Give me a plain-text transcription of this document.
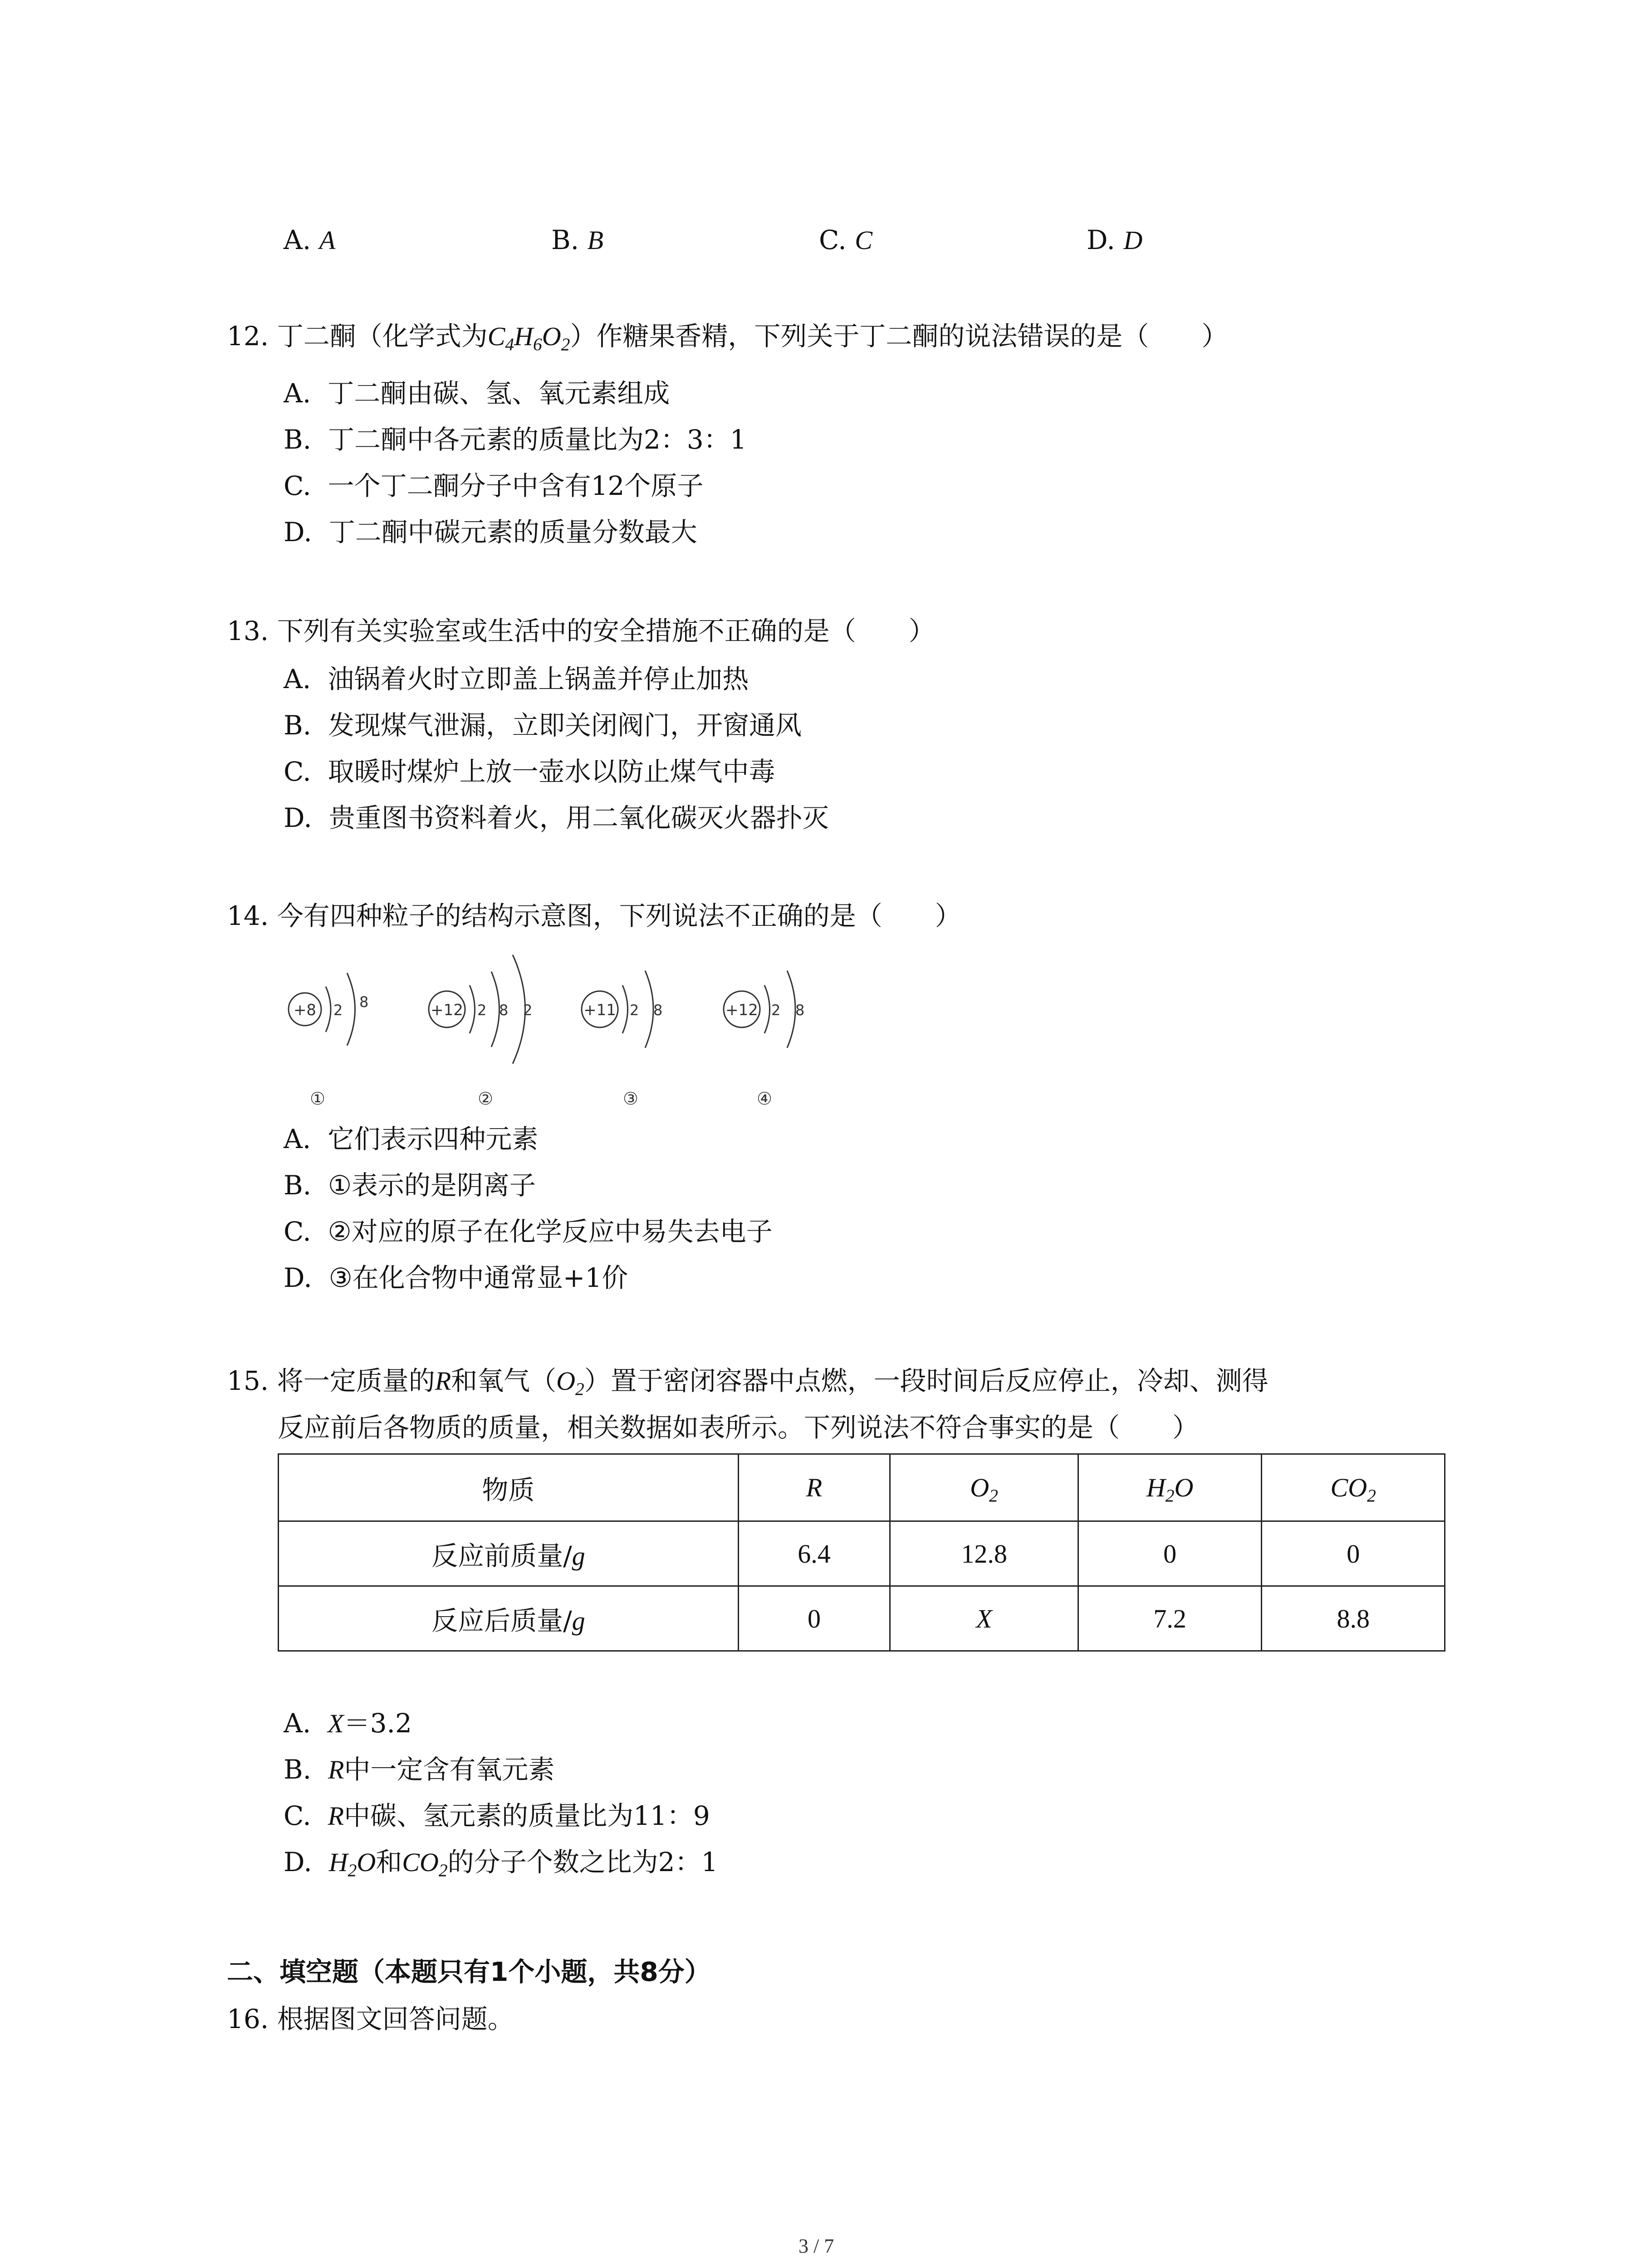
A. A	B. B	C. C	D. D
12. 丁二酮（化学式为$C_4H_6O_2$）作糖果香精，下列关于丁二酮的说法错误的是（　　）
A. 丁二酮由碳、氢、氧元素组成
B. 丁二酮中各元素的质量比为2：3：1
C. 一个丁二酮分子中含有12个原子
D. 丁二酮中碳元素的质量分数最大
13. 下列有关实验室或生活中的安全措施不正确的是（　　）
A. 油锅着火时立即盖上锅盖并停止加热
B. 发现煤气泄漏，立即关闭阀门，开窗通风
C. 取暖时煤炉上放一壶水以防止煤气中毒
D. 贵重图书资料着火，用二氧化碳灭火器扑灭
14. 今有四种粒子的结构示意图，下列说法不正确的是（　　）
+8 2 8
①
+12 2 8 2
②
+11 2 8
③
+12 2 8
④
A. 它们表示四种元素
B. ①表示的是阴离子
C. ②对应的原子在化学反应中易失去电子
D. ③在化合物中通常显+1价
15. 将一定质量的R和氧气$(O_2)$置于密闭容器中点燃，一段时间后反应停止，冷却、测得
反应前后各物质的质量，相关数据如表所示。下列说法不符合事实的是（　　）
物质	R	$O_2$	$H_2O$	$CO_2$
反应前质量/g	6.4	12.8	0	0
反应后质量/g	0	X	7.2	8.8
A. X＝3.2
B. R中一定含有氧元素
C. R中碳、氢元素的质量比为11：9
D. $H_2O$和$CO_2$的分子个数之比为2：1
二、填空题（本题只有1个小题，共8分）
16. 根据图文回答问题。
3 / 7
